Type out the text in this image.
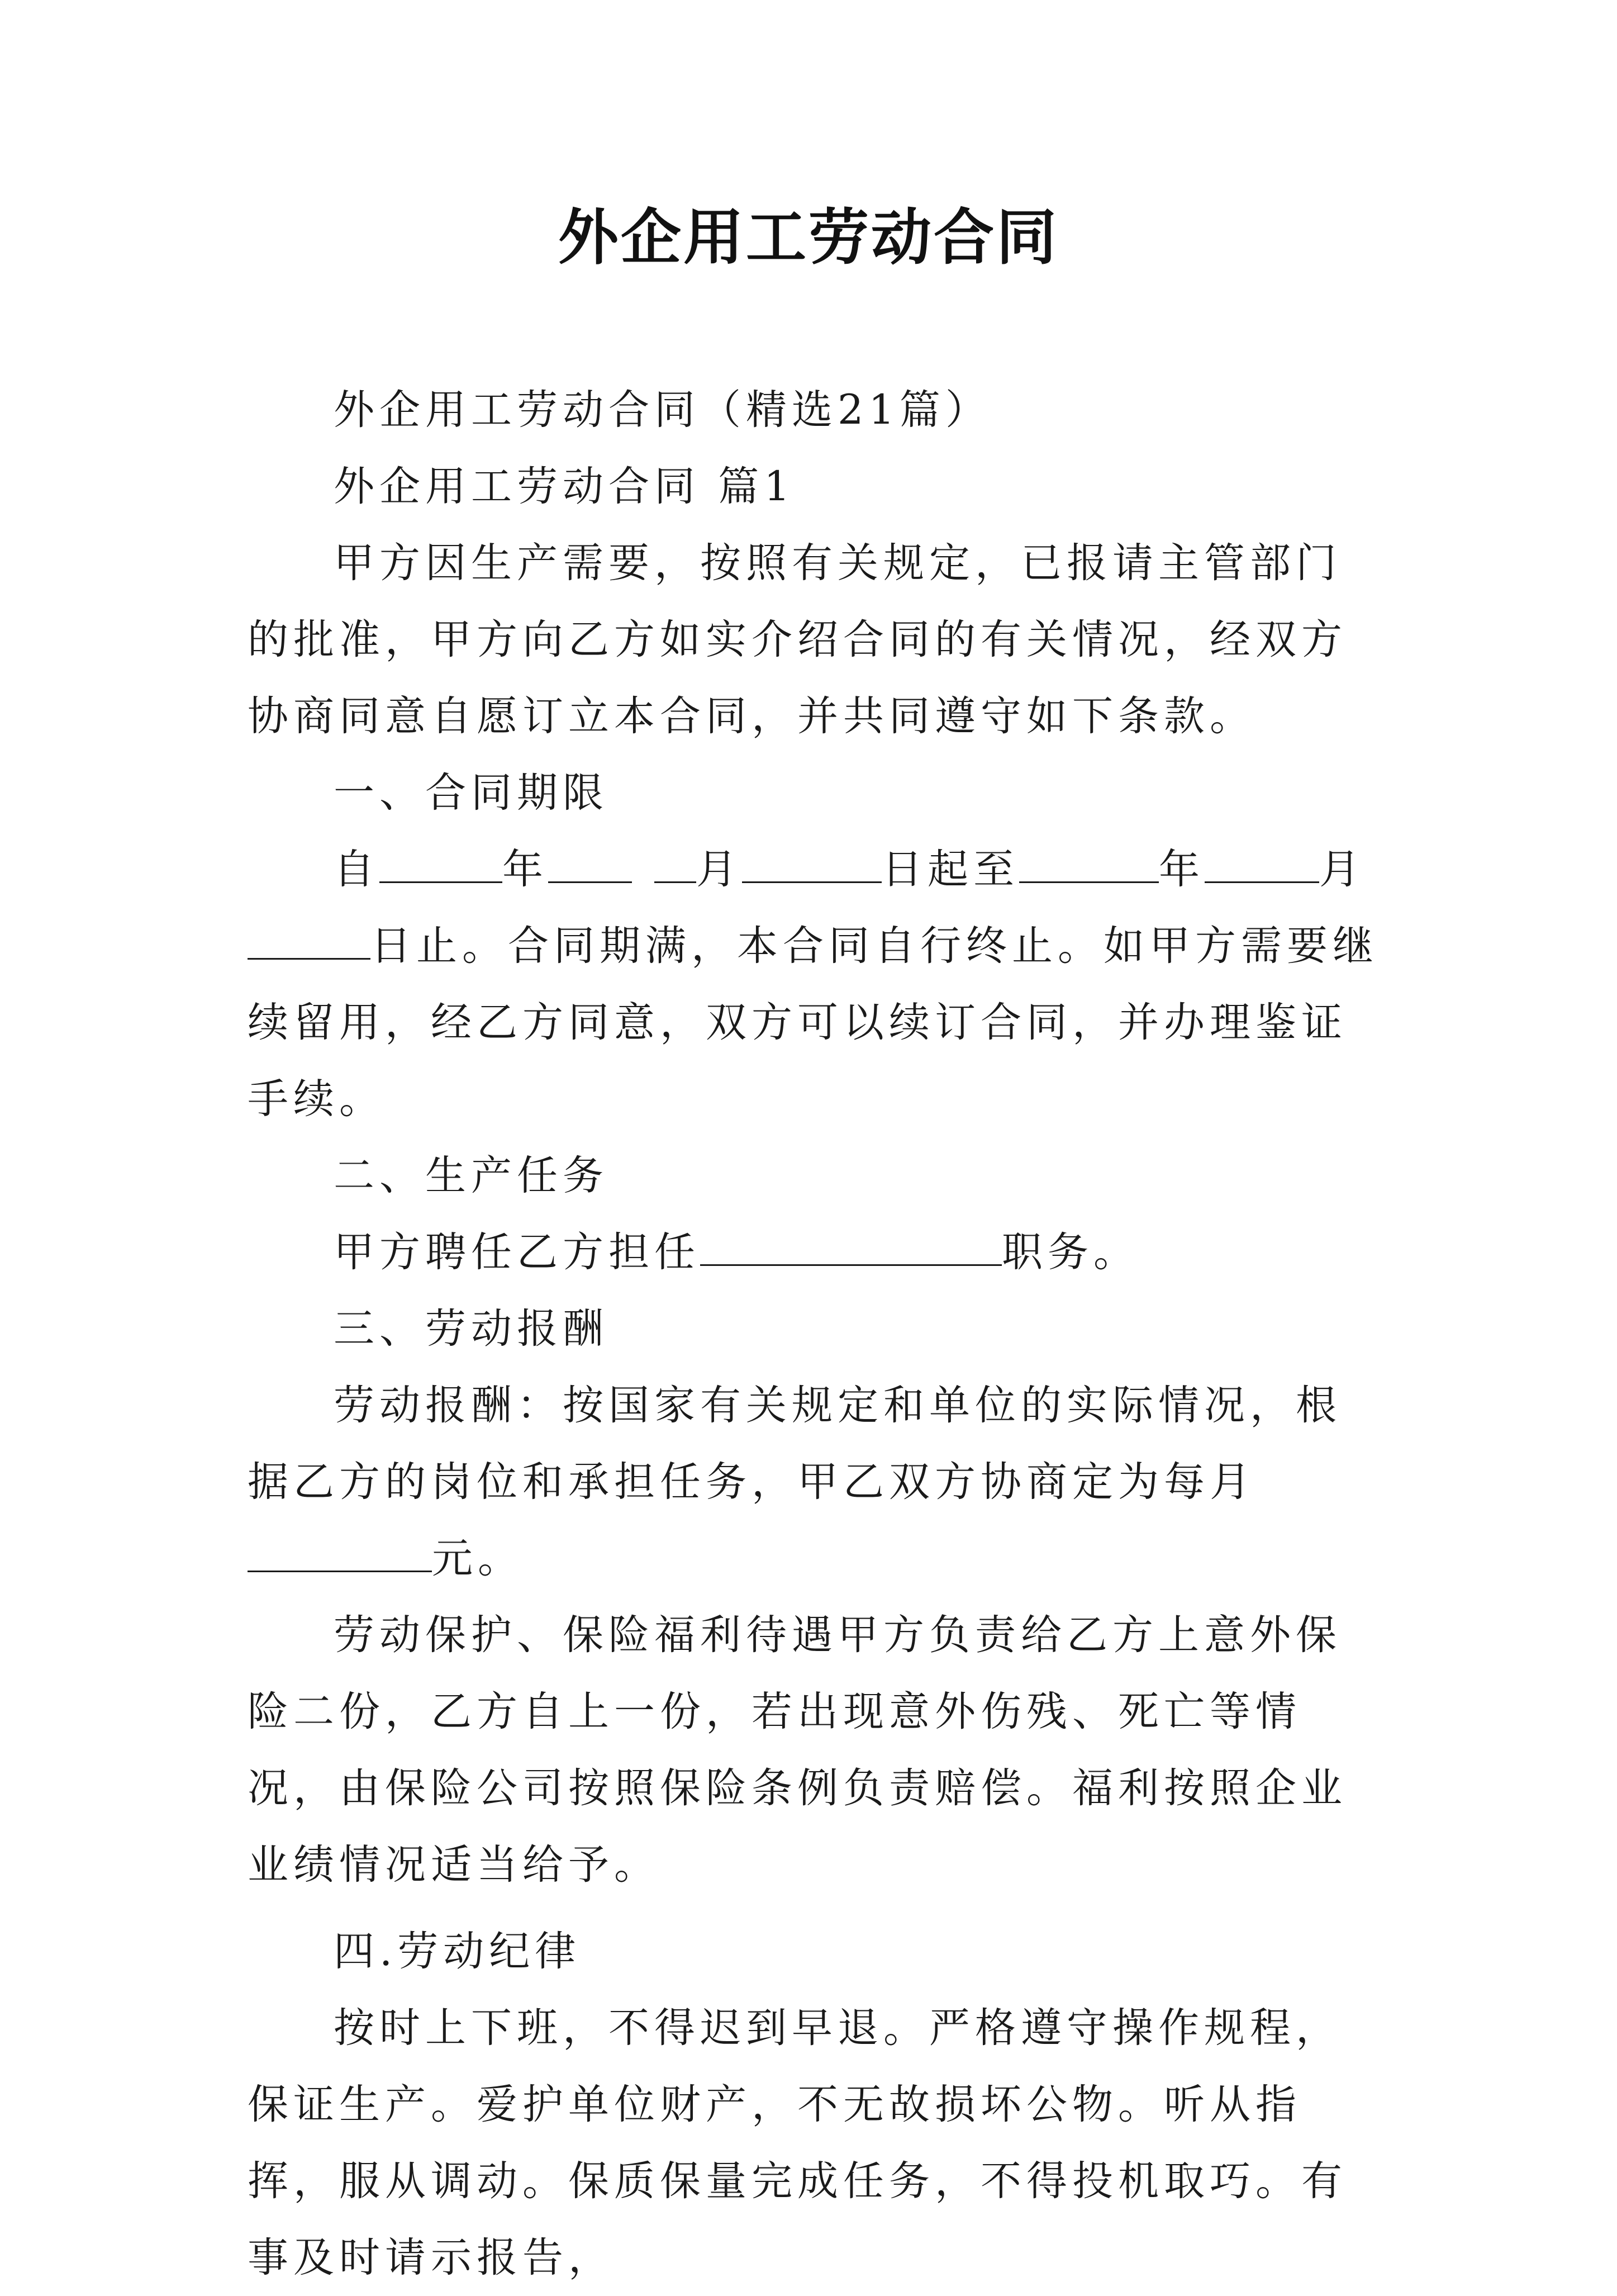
外企用工劳动合同

外企用工劳动合同（精选21篇）

外企用工劳动合同 篇1

甲方因生产需要，按照有关规定，已报请主管部门的批准，甲方向乙方如实介绍合同的有关情况，经双方协商同意自愿订立本合同，并共同遵守如下条款。

一、合同期限

自	年	月	日起至	年	月日止。合同期满，本合同自行终止。如甲方需要继续留用，经乙方同意，双方可以续订合同，并办理鉴证手续。

二、生产任务

甲方聘任乙方担任	职务。

三、劳动报酬

劳动报酬：按国家有关规定和单位的实际情况，根据乙方的岗位和承担任务，甲乙双方协商定为每月元。

劳动保护、保险福利待遇甲方负责给乙方上意外保险二份，乙方自上一份，若出现意外伤残、死亡等情况，由保险公司按照保险条例负责赔偿。福利按照企业业绩情况适当给予。

四.劳动纪律

按时上下班，不得迟到早退。严格遵守操作规程，保证生产。爱护单位财产，不无故损坏公物。听从指挥，服从调动。保质保量完成任务，不得投机取巧。有事及时请示报告，
